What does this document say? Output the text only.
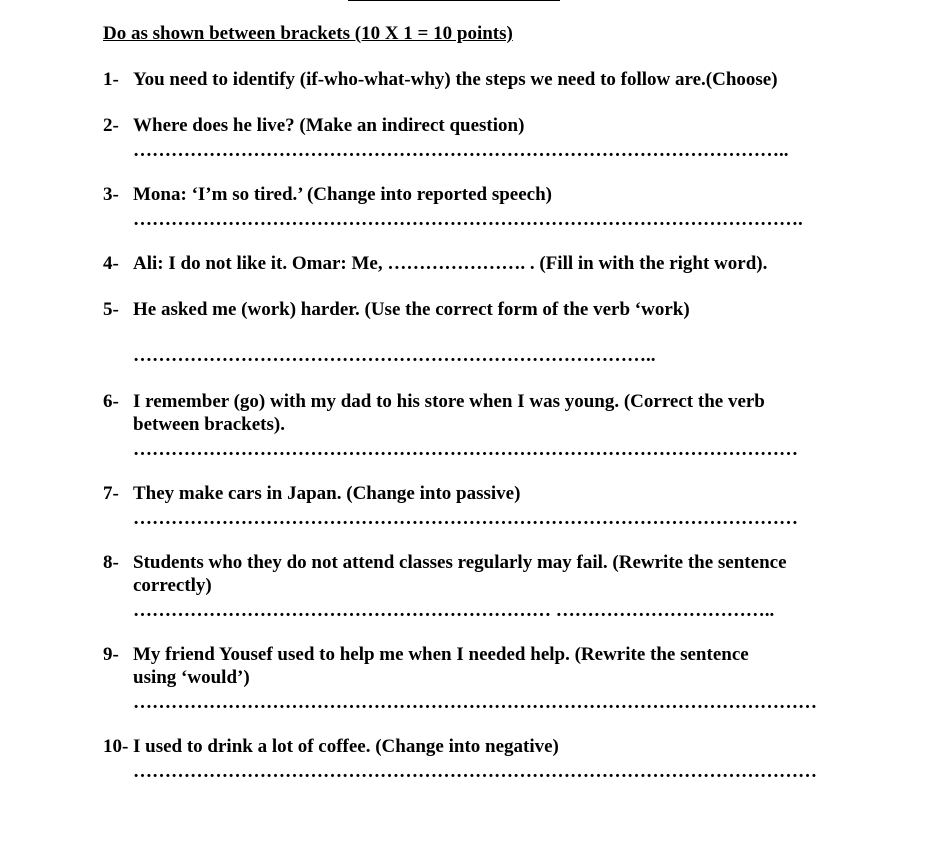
Do as shown between brackets (10 X 1 = 10 points)
1- You need to identify (if-who-what-why) the steps we need to follow are.(Choose)
2- Where does he live? (Make an indirect question)
…………………………………………………………………………………………..
3- Mona: ‘I’m so tired.’ (Change into reported speech)
…………………………………………………………………………………………….
4- Ali: I do not like it. Omar: Me, …………………. . (Fill in with the right word).
5- He asked me (work) harder. (Use the correct form of the verb ‘work)
………………………………………………………………………..
6- I remember (go) with my dad to his store when I was young. (Correct the verb
between brackets).
……………………………………………………………………………………………
7- They make cars in Japan. (Change into passive)
……………………………………………………………………………………………
8- Students who they do not attend classes regularly may fail. (Rewrite the sentence
correctly)
………………………………………………………… ……………………………..
9- My friend Yousef used to help me when I needed help. (Rewrite the sentence
using ‘would’)
………………………………………………………………………………………………
10- I used to drink a lot of coffee. (Change into negative)
………………………………………………………………………………………………
